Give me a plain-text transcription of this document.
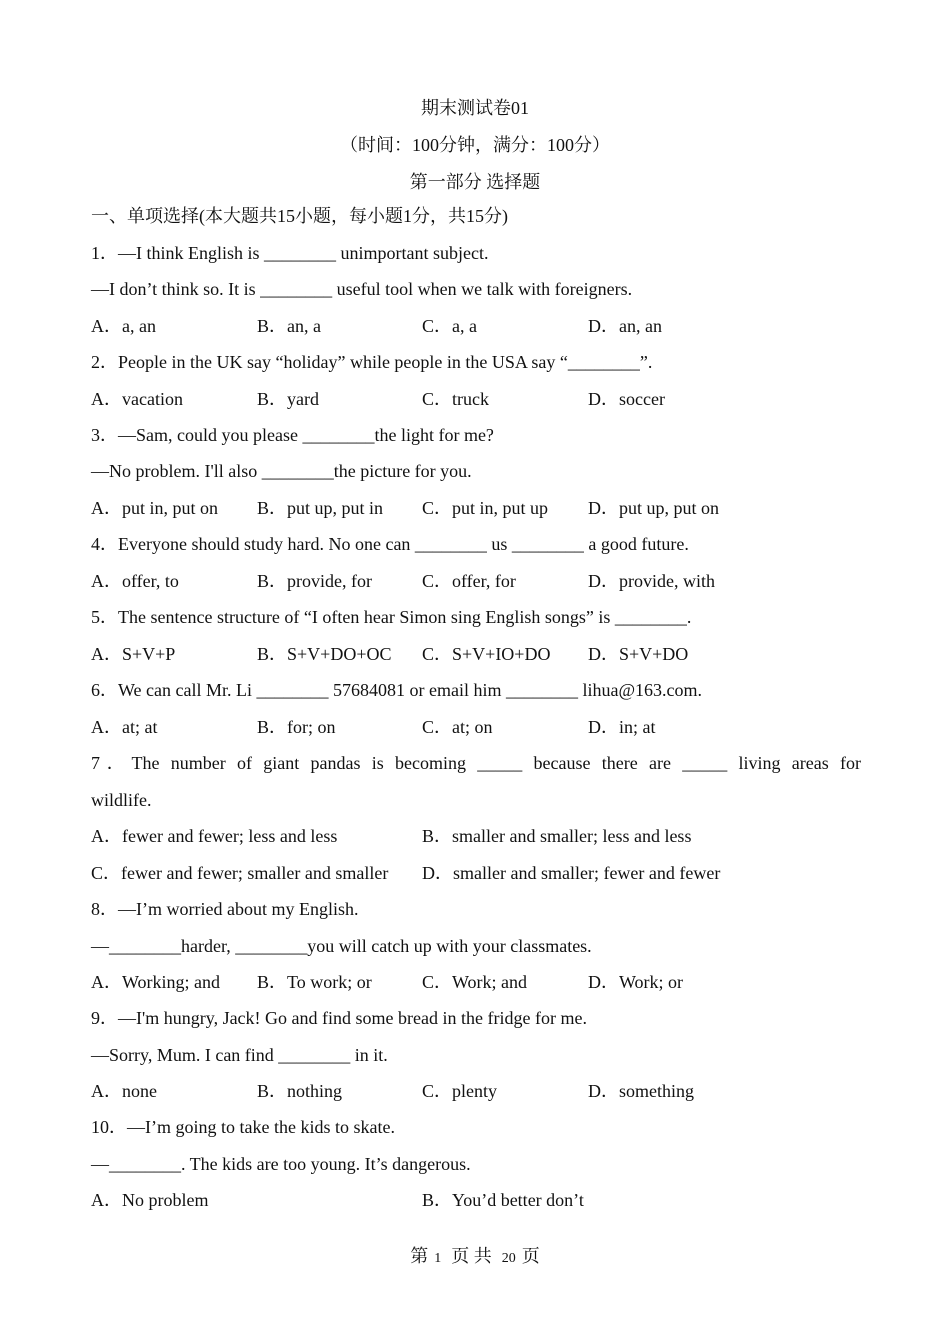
期末测试卷01
（时间：100分钟，满分：100分）
第一部分 选择题
一、单项选择(本大题共15小题，每小题1分，共15分)
1．—I think English is ________ unimportant subject.
—I don’t think so. It is ________ useful tool when we talk with foreigners.
A．a, an	B．an, a	C．a, a	D．an, an
2．People in the UK say “holiday” while people in the USA say “________”.
A．vacation	B．yard	C．truck	D．soccer
3．—Sam, could you please ________the light for me?
—No problem. I'll also ________the picture for you.
A．put in, put on B．put up, put in C．put in, put up D．put up, put on
4．Everyone should study hard. No one can ________ us ________ a good future.
A．offer, to	B．provide, for	C．offer, for	D．provide, with
5．The sentence structure of “I often hear Simon sing English songs” is ________.
A．S+V+P	B．S+V+DO+OC C．S+V+IO+DO D．S+V+DO
6．We can call Mr. Li ________ 57684081 or email him ________ lihua@163.com.
A．at; at	B．for; on	C．at; on	D．in; at
7．The number of giant pandas is becoming _____ because there are _____ living areas for
wildlife.
A．fewer and fewer; less and less	B．smaller and smaller; less and less
C．fewer and fewer; smaller and smaller D．smaller and smaller; fewer and fewer
8．—I’m worried about my English.
—________harder, ________you will catch up with your classmates.
A．Working; and B．To work; or	C．Work; and	D．Work; or
9．—I'm hungry, Jack! Go and find some bread in the fridge for me.
—Sorry, Mum. I can find ________ in it.
A．none	B．nothing	C．plenty	D．something
10．—I’m going to take the kids to skate.
—________. The kids are too young. It’s dangerous.
A．No problem	B．You’d better don’t
第 1 页 共 20 页
